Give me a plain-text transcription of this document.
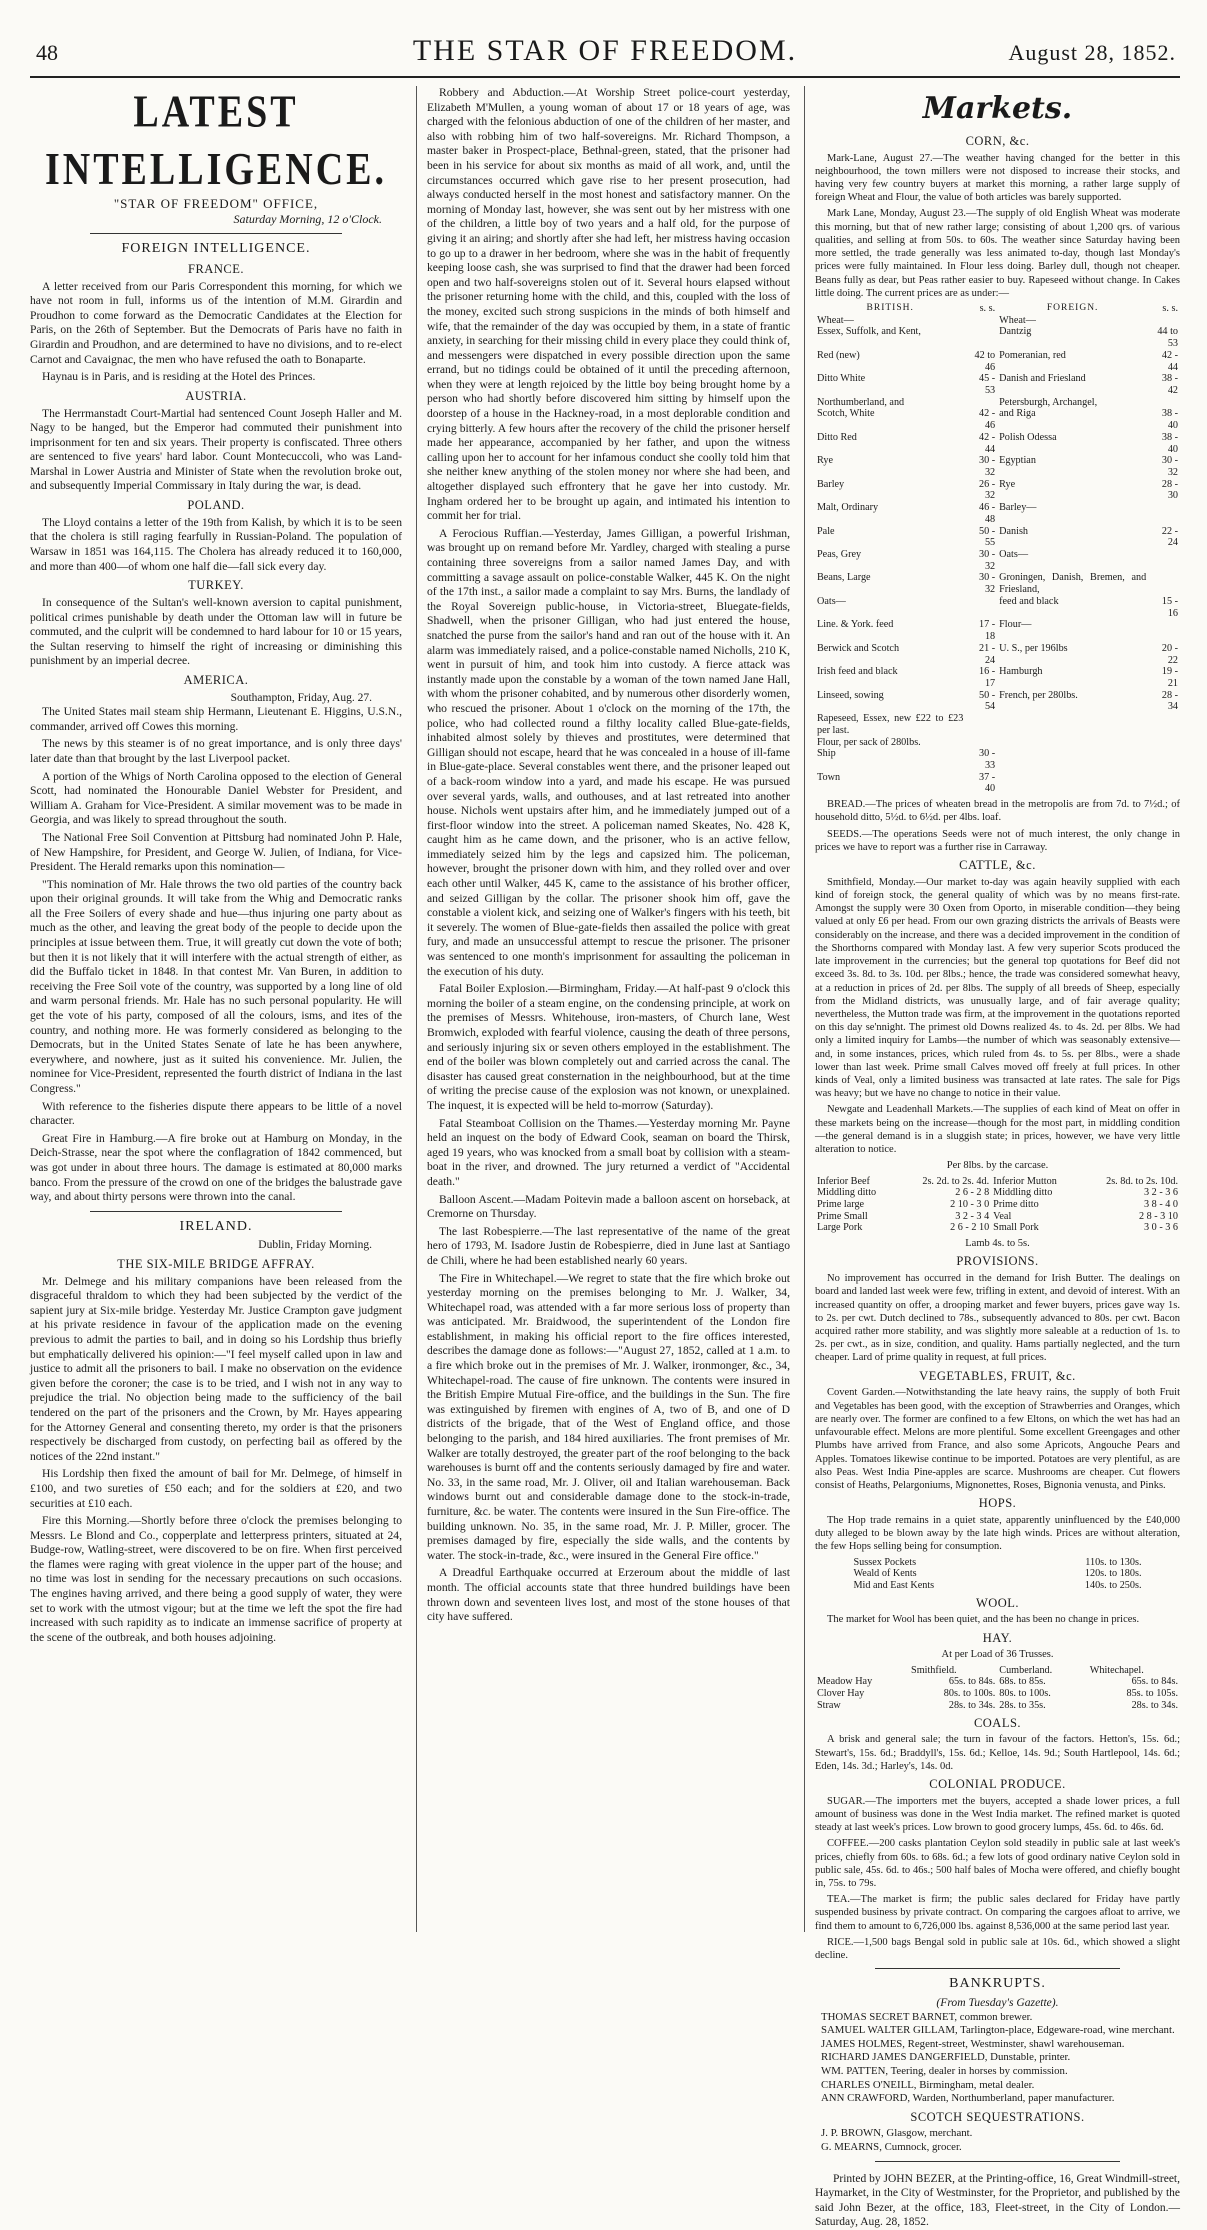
48	THE STAR OF FREEDOM.	August 28, 1852.
LATEST INTELLIGENCE.
"STAR OF FREEDOM" OFFICE,
Saturday Morning, 12 o'Clock.
FOREIGN INTELLIGENCE.
FRANCE.

A letter received from our Paris Correspondent this morning, for which we have not room in full, informs us of the intention of M.M. Girardin and Proudhon to come forward as the Democratic Candidates at the Election for Paris, on the 26th of September. But the Democrats of Paris have no faith in Girardin and Proudhon, and are determined to have no divisions, and to re-elect Carnot and Cavaignac, the men who have refused the oath to Bonaparte.

Haynau is in Paris, and is residing at the Hotel des Princes.

AUSTRIA.

The Herrmanstadt Court-Martial had sentenced Count Joseph Haller and M. Nagy to be hanged, but the Emperor had commuted their punishment into imprisonment for ten and six years. Their property is confiscated. Three others are sentenced to five years' hard labor. Count Montecuccoli, who was Land-Marshal in Lower Austria and Minister of State when the revolution broke out, and subsequently Imperial Commissary in Italy during the war, is dead.

POLAND.

The Lloyd contains a letter of the 19th from Kalish, by which it is to be seen that the cholera is still raging fearfully in Russian-Poland. The population of Warsaw in 1851 was 164,115. The Cholera has already reduced it to 160,000, and more than 400—of whom one half die—fall sick every day.

TURKEY.

In consequence of the Sultan's well-known aversion to capital punishment, political crimes punishable by death under the Ottoman law will in future be commuted, and the culprit will be condemned to hard labour for 10 or 15 years, the Sultan reserving to himself the right of increasing or diminishing this punishment by an imperial decree.

AMERICA.
Southampton, Friday, Aug. 27.

The United States mail steam ship Hermann, Lieutenant E. Higgins, U.S.N., commander, arrived off Cowes this morning.

The news by this steamer is of no great importance, and is only three days' later date than that brought by the last Liverpool packet.

A portion of the Whigs of North Carolina opposed to the election of General Scott, had nominated the Honourable Daniel Webster for President, and William A. Graham for Vice-President. A similar movement was to be made in Georgia, and was likely to spread throughout the south.

The National Free Soil Convention at Pittsburg had nominated John P. Hale, of New Hampshire, for President, and George W. Julien, of Indiana, for Vice-President. The Herald remarks upon this nomination—

"This nomination of Mr. Hale throws the two old parties of the country back upon their original grounds. It will take from the Whig and Democratic ranks all the Free Soilers of every shade and hue—thus injuring one party about as much as the other, and leaving the great body of the people to decide upon the principles at issue between them. True, it will greatly cut down the vote of both; but then it is not likely that it will interfere with the actual strength of either, as did the Buffalo ticket in 1848. In that contest Mr. Van Buren, in addition to receiving the Free Soil vote of the country, was supported by a long line of old and warm personal friends. Mr. Hale has no such personal popularity. He will get the vote of his party, composed of all the colours, isms, and ites of the country, and nothing more. He was formerly considered as belonging to the Democrats, but in the United States Senate of late he has been anywhere, everywhere, and nowhere, just as it suited his convenience. Mr. Julien, the nominee for Vice-President, represented the fourth district of Indiana in the last Congress."

With reference to the fisheries dispute there appears to be little of a novel character.

Great Fire in Hamburg.—A fire broke out at Hamburg on Monday, in the Deich-Strasse, near the spot where the conflagration of 1842 commenced, but was got under in about three hours. The damage is estimated at 80,000 marks banco. From the pressure of the crowd on one of the bridges the balustrade gave way, and about thirty persons were thrown into the canal.

IRELAND.
Dublin, Friday Morning.
THE SIX-MILE BRIDGE AFFRAY.

Mr. Delmege and his military companions have been released from the disgraceful thraldom to which they had been subjected by the verdict of the sapient jury at Six-mile bridge. Yesterday Mr. Justice Crampton gave judgment at his private residence in favour of the application made on the evening previous to admit the parties to bail, and in doing so his Lordship thus briefly but emphatically delivered his opinion:—"I feel myself called upon in law and justice to admit all the prisoners to bail. I make no observation on the evidence given before the coroner; the case is to be tried, and I wish not in any way to prejudice the trial. No objection being made to the sufficiency of the bail tendered on the part of the prisoners and the Crown, by Mr. Hayes appearing for the Attorney General and consenting thereto, my order is that the prisoners respectively be discharged from custody, on perfecting bail as offered by the notices of the 22nd instant."

His Lordship then fixed the amount of bail for Mr. Delmege, of himself in £100, and two sureties of £50 each; and for the soldiers at £20, and two securities at £10 each.

Fire this Morning.—Shortly before three o'clock the premises belonging to Messrs. Le Blond and Co., copperplate and letterpress printers, situated at 24, Budge-row, Watling-street, were discovered to be on fire. When first perceived the flames were raging with great violence in the upper part of the house; and no time was lost in sending for the necessary precautions on such occasions. The engines having arrived, and there being a good supply of water, they were set to work with the utmost vigour; but at the time we left the spot the fire had increased with such rapidity as to indicate an immense sacrifice of property at the scene of the outbreak, and both houses adjoining.

Robbery and Abduction.—At Worship Street police-court yesterday, Elizabeth M'Mullen, a young woman of about 17 or 18 years of age, was charged with the felonious abduction of one of the children of her master, and also with robbing him of two half-sovereigns. Mr. Richard Thompson, a master baker in Prospect-place, Bethnal-green, stated, that the prisoner had been in his service for about six months as maid of all work, and, until the circumstances occurred which gave rise to her present prosecution, had always conducted herself in the most honest and satisfactory manner. On the morning of Monday last, however, she was sent out by her mistress with one of the children, a little boy of two years and a half old, for the purpose of giving it an airing; and shortly after she had left, her mistress having occasion to go up to a drawer in her bedroom, where she was in the habit of frequently keeping loose cash, she was surprised to find that the drawer had been forced open and two half-sovereigns stolen out of it. Several hours elapsed without the prisoner returning home with the child, and this, coupled with the loss of the money, excited such strong suspicions in the minds of both himself and wife, that the remainder of the day was occupied by them, in a state of frantic anxiety, in searching for their missing child in every place they could think of, and messengers were dispatched in every possible direction upon the same errand, but no tidings could be obtained of it until the preceding afternoon, when they were at length rejoiced by the little boy being brought home by a person who had shortly before discovered him sitting by himself upon the doorstep of a house in the Hackney-road, in a most deplorable condition and crying bitterly. A few hours after the recovery of the child the prisoner herself made her appearance, accompanied by her father, and upon the witness calling upon her to account for her infamous conduct she coolly told him that she neither knew anything of the stolen money nor where she had been, and altogether displayed such effrontery that he gave her into custody. Mr. Ingham ordered her to be brought up again, and intimated his intention to commit her for trial.

A Ferocious Ruffian.—Yesterday, James Gilligan, a powerful Irishman, was brought up on remand before Mr. Yardley, charged with stealing a purse containing three sovereigns from a sailor named James Day, and with committing a savage assault on police-constable Walker, 445 K. On the night of the 17th inst., a sailor made a complaint to say Mrs. Burns, the landlady of the Royal Sovereign public-house, in Victoria-street, Bluegate-fields, Shadwell, when the prisoner Gilligan, who had just entered the house, snatched the purse from the sailor's hand and ran out of the house with it. An alarm was immediately raised, and a police-constable named Nicholls, 210 K, went in pursuit of him, and took him into custody. A fierce attack was instantly made upon the constable by a woman of the town named Jane Hall, with whom the prisoner cohabited, and by numerous other disorderly women, who rescued the prisoner. About 1 o'clock on the morning of the 17th, the police, who had collected round a filthy locality called Blue-gate-fields, inhabited almost solely by thieves and prostitutes, were determined that Gilligan should not escape, heard that he was concealed in a house of ill-fame in Blue-gate-place. Several constables went there, and the prisoner leaped out of a back-room window into a yard, and made his escape. He was pursued over several yards, walls, and outhouses, and at last retreated into another house. Nichols went upstairs after him, and he immediately jumped out of a first-floor window into the street. A policeman named Skeates, No. 428 K, caught him as he came down, and the prisoner, who is an active fellow, immediately seized him by the legs and capsized him. The policeman, however, brought the prisoner down with him, and they rolled over and over each other until Walker, 445 K, came to the assistance of his brother officer, and seized Gilligan by the collar. The prisoner shook him off, gave the constable a violent kick, and seizing one of Walker's fingers with his teeth, bit it severely. The women of Blue-gate-fields then assailed the police with great fury, and made an unsuccessful attempt to rescue the prisoner. The prisoner was sentenced to one month's imprisonment for assaulting the policeman in the execution of his duty.

Fatal Boiler Explosion.—Birmingham, Friday.—At half-past 9 o'clock this morning the boiler of a steam engine, on the condensing principle, at work on the premises of Messrs. Whitehouse, iron-masters, of Church lane, West Bromwich, exploded with fearful violence, causing the death of three persons, and seriously injuring six or seven others employed in the establishment. The end of the boiler was blown completely out and carried across the canal. The disaster has caused great consternation in the neighbourhood, but at the time of writing the precise cause of the explosion was not known, or unexplained. The inquest, it is expected will be held to-morrow (Saturday).

Fatal Steamboat Collision on the Thames.—Yesterday morning Mr. Payne held an inquest on the body of Edward Cook, seaman on board the Thirsk, aged 19 years, who was knocked from a small boat by collision with a steam-boat in the river, and drowned. The jury returned a verdict of "Accidental death."

Balloon Ascent.—Madam Poitevin made a balloon ascent on horseback, at Cremorne on Thursday.

The last Robespierre.—The last representative of the name of the great hero of 1793, M. Isadore Justin de Robespierre, died in June last at Santiago de Chili, where he had been established nearly 60 years.

The Fire in Whitechapel.—We regret to state that the fire which broke out yesterday morning on the premises belonging to Mr. J. Walker, 34, Whitechapel road, was attended with a far more serious loss of property than was anticipated. Mr. Braidwood, the superintendent of the London fire establishment, in making his official report to the fire offices interested, describes the damage done as follows:—"August 27, 1852, called at 1 a.m. to a fire which broke out in the premises of Mr. J. Walker, ironmonger, &c., 34, Whitechapel-road. The cause of fire unknown. The contents were insured in the British Empire Mutual Fire-office, and the buildings in the Sun. The fire was extinguished by firemen with engines of A, two of B, and one of D districts of the brigade, that of the West of England office, and those belonging to the parish, and 184 hired auxiliaries. The front premises of Mr. Walker are totally destroyed, the greater part of the roof belonging to the back warehouses is burnt off and the contents seriously damaged by fire and water. No. 33, in the same road, Mr. J. Oliver, oil and Italian warehouseman. Back windows burnt out and considerable damage done to the stock-in-trade, furniture, &c. be water. The contents were insured in the Sun Fire-office. The building unknown. No. 35, in the same road, Mr. J. P. Miller, grocer. The premises damaged by fire, especially the side walls, and the contents by water. The stock-in-trade, &c., were insured in the General Fire office."

A Dreadful Earthquake occurred at Erzeroum about the middle of last month. The official accounts state that three hundred buildings have been thrown down and seventeen lives lost, and most of the stone houses of that city have suffered.

Markets.
CORN, &c.

Mark-Lane, August 27.—The weather having changed for the better in this neighbourhood, the town millers were not disposed to increase their stocks, and having very few country buyers at market this morning, a rather large supply of foreign Wheat and Flour, the value of both articles was barely supported.

Mark Lane, Monday, August 23.—The supply of old English Wheat was moderate this morning, but that of new rather large; consisting of about 1,200 qrs. of various qualities, and selling at from 50s. to 60s. The weather since Saturday having been more settled, the trade generally was less animated to-day, though last Monday's prices were fully maintained. In Flour less doing. Barley dull, though not cheaper. Beans fully as dear, but Peas rather easier to buy. Rapeseed without change. In Cakes little doing. The current prices are as under:—

BRITISH.	s. s.	FOREIGN.	s. s.
Wheat—		Wheat—	
Essex, Suffolk, and Kent,		Dantzig	44 to 53
Red (new)	42 to 46	Pomeranian, red	42 - 44
Ditto White	45 - 53	Danish and Friesland	38 - 42
Northumberland, and		Petersburgh, Archangel,	
Scotch, White	42 - 46	and Riga	38 - 40
Ditto Red	42 - 44	Polish Odessa	38 - 40
Rye	30 - 32	Egyptian	30 - 32
Barley	26 - 32	Rye	28 - 30
Malt, Ordinary	46 - 48	Barley—	
Pale	50 - 55	Danish	22 - 24
Peas, Grey	30 - 32	Oats—	
Beans, Large	30 - 32	Groningen, Danish, Bremen, and Friesland,	
Oats—		feed and black	15 - 16
Line. & York. feed	17 - 18	Flour—	
Berwick and Scotch	21 - 24	U. S., per 196lbs	20 - 22
Irish feed and black	16 - 17	Hamburgh	19 - 21
Linseed, sowing	50 - 54	French, per 280lbs.	28 - 34
Rapeseed, Essex, new £22 to £23 per last.			
Flour, per sack of 280lbs.			
Ship	30 - 33		
Town	37 - 40		

BREAD.—The prices of wheaten bread in the metropolis are from 7d. to 7½d.; of household ditto, 5½d. to 6½d. per 4lbs. loaf.

SEEDS.—The operations Seeds were not of much interest, the only change in prices we have to report was a further rise in Carraway.

CATTLE, &c.

Smithfield, Monday.—Our market to-day was again heavily supplied with each kind of foreign stock, the general quality of which was by no means first-rate. Amongst the supply were 30 Oxen from Oporto, in miserable condition—they being valued at only £6 per head. From our own grazing districts the arrivals of Beasts were considerably on the increase, and there was a decided improvement in the condition of the Shorthorns compared with Monday last. A few very superior Scots produced the late improvement in the currencies; but the general top quotations for Beef did not exceed 3s. 8d. to 3s. 10d. per 8lbs.; hence, the trade was considered somewhat heavy, at a reduction in prices of 2d. per 8lbs. The supply of all breeds of Sheep, especially from the Midland districts, was unusually large, and of fair average quality; nevertheless, the Mutton trade was firm, at the improvement in the quotations reported on this day se'nnight. The primest old Downs realized 4s. to 4s. 2d. per 8lbs. We had only a limited inquiry for Lambs—the number of which was seasonably extensive—and, in some instances, prices, which ruled from 4s. to 5s. per 8lbs., were a shade lower than last week. Prime small Calves moved off freely at full prices. In other kinds of Veal, only a limited business was transacted at late rates. The sale for Pigs was heavy; but we have no change to notice in their value.

Newgate and Leadenhall Markets.—The supplies of each kind of Meat on offer in these markets being on the increase—though for the most part, in middling condition—the general demand is in a sluggish state; in prices, however, we have very little alteration to notice.

Per 8lbs. by the carcase.
Inferior Beef	2s. 2d. to 2s. 4d.	Inferior Mutton	2s. 8d. to 2s. 10d.
Middling ditto	2 6 - 2 8	Middling ditto	3 2 - 3 6
Prime large	2 10 - 3 0	Prime ditto	3 8 - 4 0
Prime Small	3 2 - 3 4	Veal	2 8 - 3 10
Large Pork	2 6 - 2 10	Small Pork	3 0 - 3 6
Lamb 4s. to 5s.
PROVISIONS.

No improvement has occurred in the demand for Irish Butter. The dealings on board and landed last week were few, trifling in extent, and devoid of interest. With an increased quantity on offer, a drooping market and fewer buyers, prices gave way 1s. to 2s. per cwt. Dutch declined to 78s., subsequently advanced to 80s. per cwt. Bacon acquired rather more stability, and was slightly more saleable at a reduction of 1s. to 2s. per cwt., as in size, condition, and quality. Hams partially neglected, and the turn cheaper. Lard of prime quality in request, at full prices.

VEGETABLES, FRUIT, &c.

Covent Garden.—Notwithstanding the late heavy rains, the supply of both Fruit and Vegetables has been good, with the exception of Strawberries and Oranges, which are nearly over. The former are confined to a few Eltons, on which the wet has had an unfavourable effect. Melons are more plentiful. Some excellent Greengages and other Plumbs have arrived from France, and also some Apricots, Angouche Pears and Apples. Tomatoes likewise continue to be imported. Potatoes are very plentiful, as are also Peas. West India Pine-apples are scarce. Mushrooms are cheaper. Cut flowers consist of Heaths, Pelargoniums, Mignonettes, Roses, Bignonia venusta, and Pinks.

HOPS.

The Hop trade remains in a quiet state, apparently uninfluenced by the £40,000 duty alleged to be blown away by the late high winds. Prices are without alteration, the few Hops selling being for consumption.

Sussex Pockets	110s. to 130s.
Weald of Kents	120s. to 180s.
Mid and East Kents	140s. to 250s.
WOOL.

The market for Wool has been quiet, and the has been no change in prices.

HAY.
At per Load of 36 Trusses.
	Smithfield.	Cumberland.	Whitechapel.
Meadow Hay	65s. to 84s.	68s. to 85s.	65s. to 84s.
Clover Hay	80s. to 100s.	80s. to 100s.	85s. to 105s.
Straw	28s. to 34s.	28s. to 35s.	28s. to 34s.
COALS.

A brisk and general sale; the turn in favour of the factors. Hetton's, 15s. 6d.; Stewart's, 15s. 6d.; Braddyll's, 15s. 6d.; Kelloe, 14s. 9d.; South Hartlepool, 14s. 6d.; Eden, 14s. 3d.; Harley's, 14s. 0d.

COLONIAL PRODUCE.

SUGAR.—The importers met the buyers, accepted a shade lower prices, a full amount of business was done in the West India market. The refined market is quoted steady at last week's prices. Low brown to good grocery lumps, 45s. 6d. to 46s. 6d.

COFFEE.—200 casks plantation Ceylon sold steadily in public sale at last week's prices, chiefly from 60s. to 68s. 6d.; a few lots of good ordinary native Ceylon sold in public sale, 45s. 6d. to 46s.; 500 half bales of Mocha were offered, and chiefly bought in, 75s. to 79s.

TEA.—The market is firm; the public sales declared for Friday have partly suspended business by private contract. On comparing the cargoes afloat to arrive, we find them to amount to 6,726,000 lbs. against 8,536,000 at the same period last year.

RICE.—1,500 bags Bengal sold in public sale at 10s. 6d., which showed a slight decline.

BANKRUPTS.
(From Tuesday's Gazette).
THOMAS SECRET BARNET, common brewer.
SAMUEL WALTER GILLAM, Tarlington-place, Edgeware-road, wine merchant.
JAMES HOLMES, Regent-street, Westminster, shawl warehouseman.
RICHARD JAMES DANGERFIELD, Dunstable, printer.
WM. PATTEN, Teering, dealer in horses by commission.
CHARLES O'NEILL, Birmingham, metal dealer.
ANN CRAWFORD, Warden, Northumberland, paper manufacturer.
SCOTCH SEQUESTRATIONS.
J. P. BROWN, Glasgow, merchant.
G. MEARNS, Cumnock, grocer.

Printed by JOHN BEZER, at the Printing-office, 16, Great Windmill-street, Haymarket, in the City of Westminster, for the Proprietor, and published by the said John Bezer, at the office, 183, Fleet-street, in the City of London.—Saturday, Aug. 28, 1852.
